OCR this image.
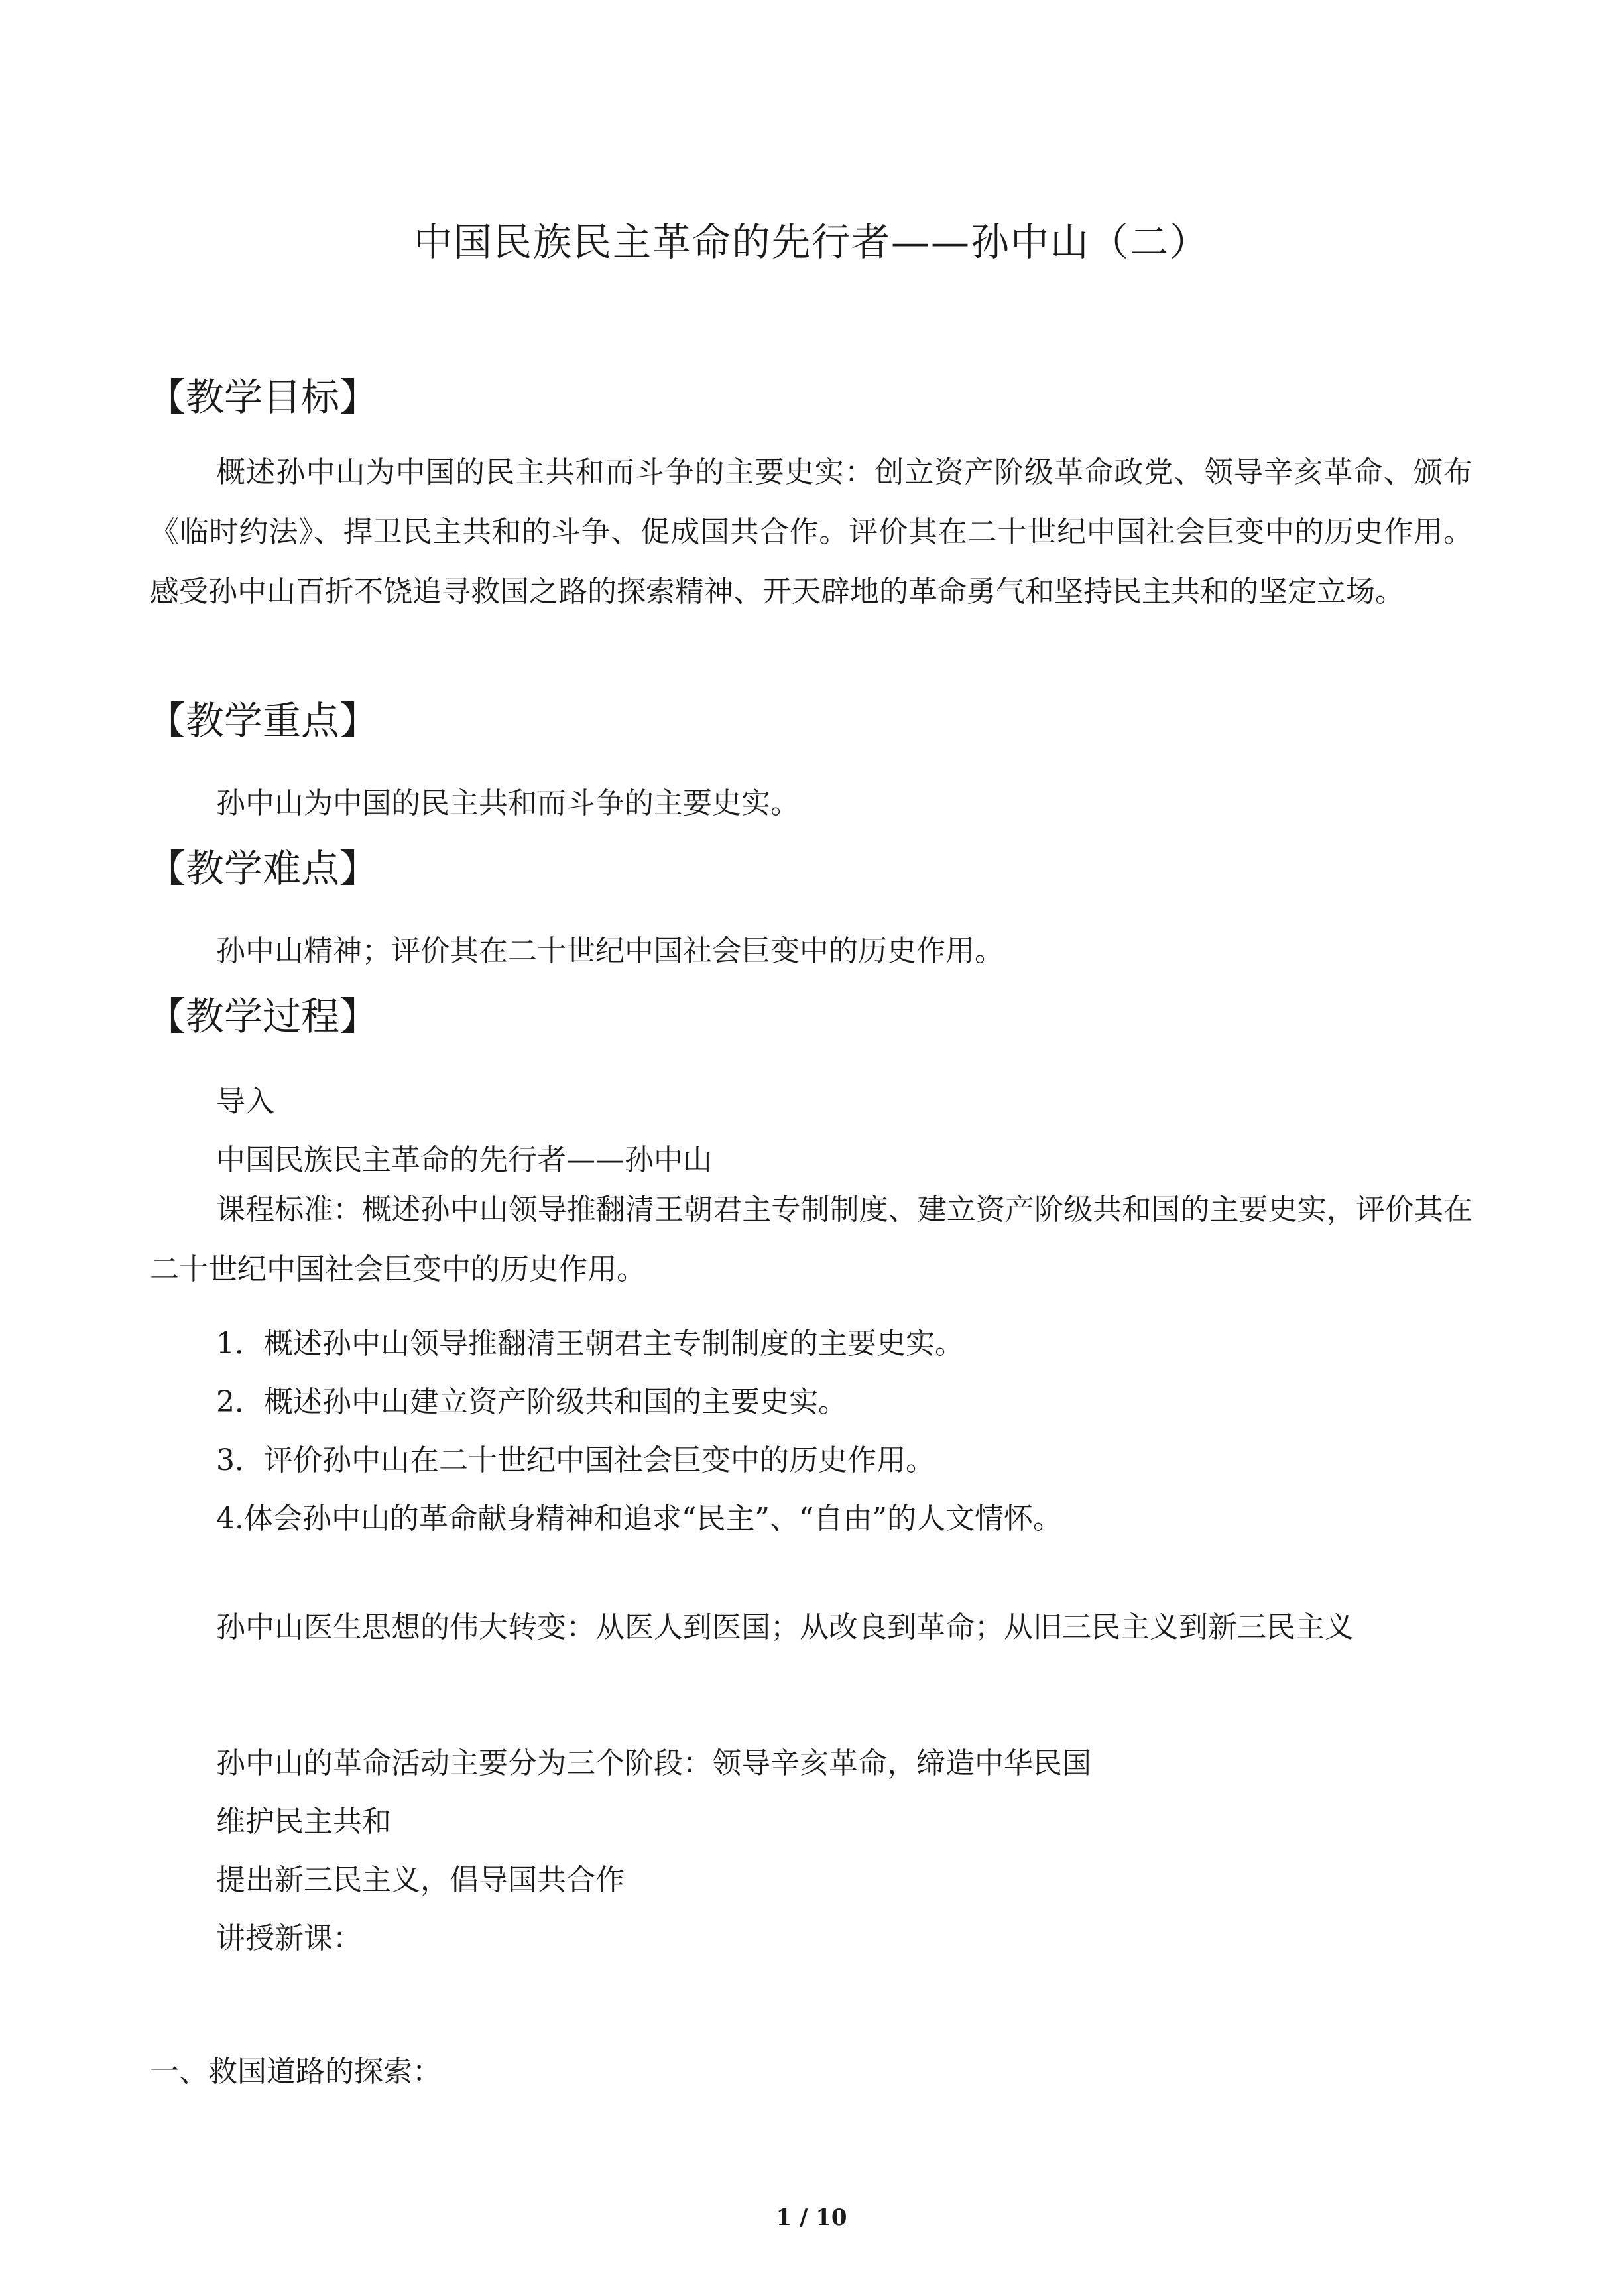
中国民族民主革命的先行者——孙中山（二）
【教学目标】
概述孙中山为中国的民主共和而斗争的主要史实：创立资产阶级革命政党、领导辛亥革命、颁布《临时约法》、捍卫民主共和的斗争、促成国共合作。评价其在二十世纪中国社会巨变中的历史作用。感受孙中山百折不饶追寻救国之路的探索精神、开天辟地的革命勇气和坚持民主共和的坚定立场。
【教学重点】
孙中山为中国的民主共和而斗争的主要史实。
【教学难点】
孙中山精神；评价其在二十世纪中国社会巨变中的历史作用。
【教学过程】
导入
中国民族民主革命的先行者——孙中山
课程标准：概述孙中山领导推翻清王朝君主专制制度、建立资产阶级共和国的主要史实，评价其在二十世纪中国社会巨变中的历史作用。
1．概述孙中山领导推翻清王朝君主专制制度的主要史实。
2．概述孙中山建立资产阶级共和国的主要史实。
3．评价孙中山在二十世纪中国社会巨变中的历史作用。
4.体会孙中山的革命献身精神和追求“民主”、“自由”的人文情怀。
孙中山医生思想的伟大转变：从医人到医国；从改良到革命；从旧三民主义到新三民主义
孙中山的革命活动主要分为三个阶段：领导辛亥革命，缔造中华民国
维护民主共和
提出新三民主义，倡导国共合作
讲授新课：
一、救国道路的探索：
1 / 10
